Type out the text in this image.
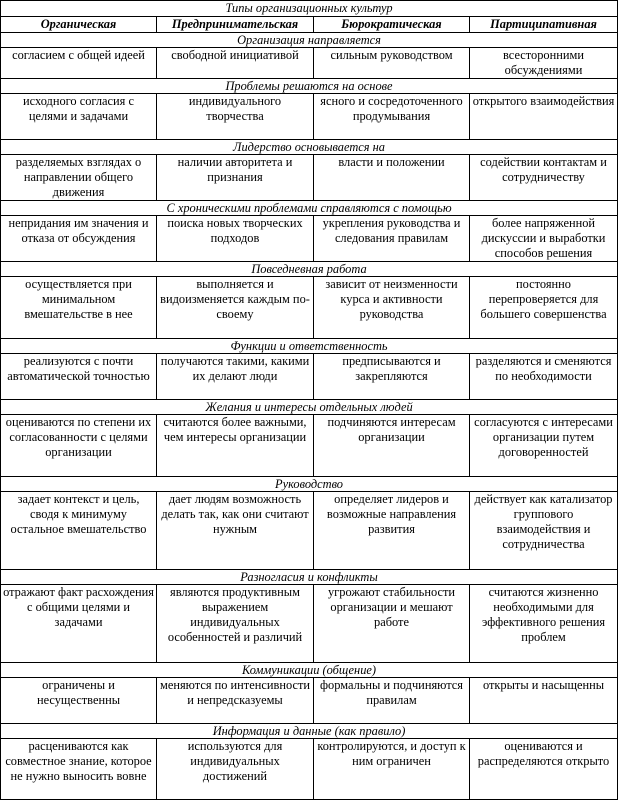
Типы организационных культур			
Органическая	Предпринимательская	Бюрократическая	Партиципативная
Организация направляется			
согласием с общей идеей	свободной инициативой	сильным руководством	всесторонними обсуждениями
Проблемы решаются на основе			
исходного согласия с целями и задачами	индивидуального творчества	ясного и сосредоточенного продумывания	открытого взаимодействия
Лидерство основывается на			
разделяемых взглядах о направлении общего движения	наличии авторитета и признания	власти и положении	содействии контактам и сотрудничеству
С хроническими проблемами справляются с помощью			
непридания им значения и отказа от обсуждения	поиска новых творческих подходов	укрепления руководства и следования правилам	более напряженной дискуссии и выработки способов решения
Повседневная работа			
осуществляется при минимальном вмешательстве в нее	выполняется и видоизменяется каждым по-своему	зависит от неизменности курса и активности руководства	постоянно перепроверяется для большего совершенства
Функции и ответственность			
реализуются с почти автоматической точностью	получаются такими, какими их делают люди	предписываются и закрепляются	разделяются и сменяются по необходимости
Желания и интересы отдельных людей			
оцениваются по степени их согласованности с целями организации	считаются более важными, чем интересы организации	подчиняются интересам организации	согласуются с интересами организации путем договоренностей
Руководство			
задает контекст и цель, сводя к минимуму остальное вмешательство	дает людям возможность делать так, как они считают нужным	определяет лидеров и возможные направления развития	действует как катализатор группового взаимодействия и сотрудничества
Разногласия и конфликты			
отражают факт расхождения с общими целями и задачами	являются продуктивным выражением индивидуальных особенностей и различий	угрожают стабильности организации и мешают работе	считаются жизненно необходимыми для эффективного решения проблем
Коммуникации (общение)			
ограничены и несущественны	меняются по интенсивности и непредсказуемы	формальны и подчиняются правилам	открыты и насыщенны
Информация и данные (как правило)			
расцениваются как совместное знание, которое не нужно выносить вовне	используются для индивидуальных достижений	контролируются, и доступ к ним ограничен	оцениваются и распределяются открыто
